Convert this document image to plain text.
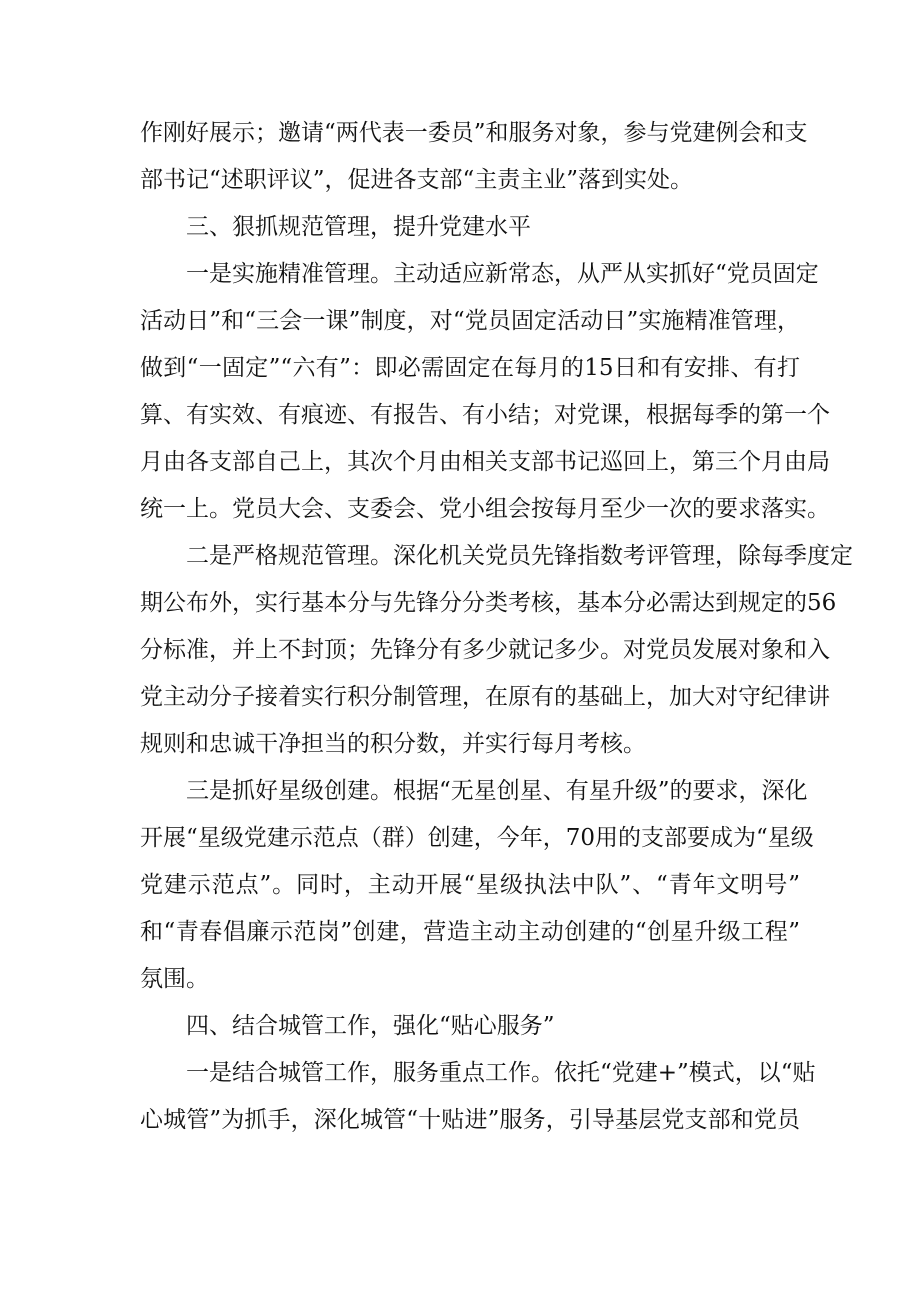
作刚好展示；邀请“两代表一委员”和服务对象，参与党建例会和支
部书记“述职评议”，促进各支部“主责主业”落到实处。
三、狠抓规范管理，提升党建水平
一是实施精准管理。主动适应新常态，从严从实抓好“党员固定
活动日”和“三会一课”制度，对“党员固定活动日”实施精准管理，
做到“一固定”“六有”：即必需固定在每月的15日和有安排、有打
算、有实效、有痕迹、有报告、有小结；对党课，根据每季的第一个
月由各支部自己上，其次个月由相关支部书记巡回上，第三个月由局
统一上。党员大会、支委会、党小组会按每月至少一次的要求落实。
二是严格规范管理。深化机关党员先锋指数考评管理，除每季度定
期公布外，实行基本分与先锋分分类考核，基本分必需达到规定的56
分标准，并上不封顶；先锋分有多少就记多少。对党员发展对象和入
党主动分子接着实行积分制管理，在原有的基础上，加大对守纪律讲
规则和忠诚干净担当的积分数，并实行每月考核。
三是抓好星级创建。根据“无星创星、有星升级”的要求，深化
开展“星级党建示范点（群）创建，今年，70用的支部要成为“星级
党建示范点”。同时，主动开展“星级执法中队”、“青年文明号”
和“青春倡廉示范岗”创建，营造主动主动创建的“创星升级工程”
氛围。
四、结合城管工作，强化“贴心服务”
一是结合城管工作，服务重点工作。依托“党建+”模式，以“贴
心城管”为抓手，深化城管“十贴进”服务，引导基层党支部和党员
